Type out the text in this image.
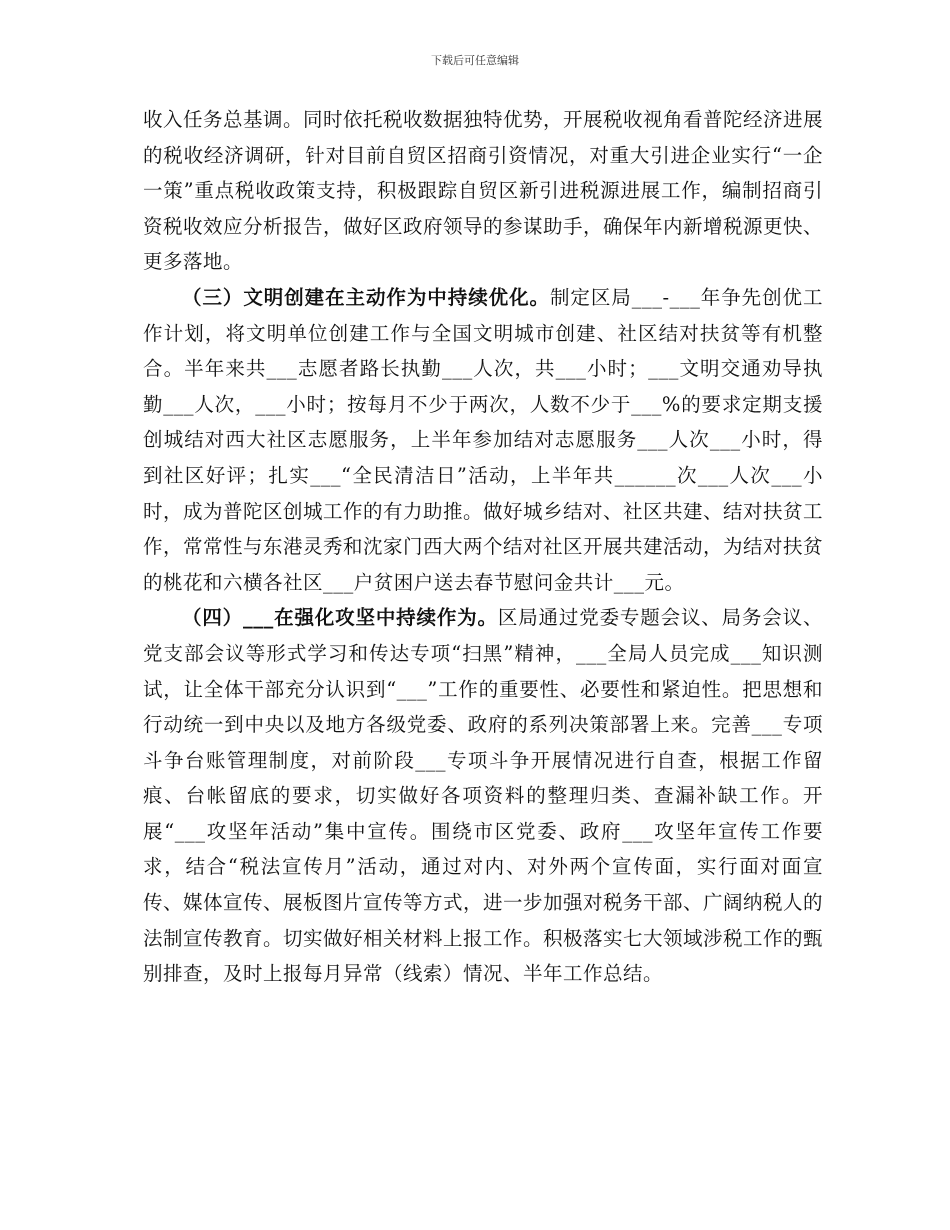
下载后可任意编辑

收入任务总基调。同时依托税收数据独特优势，开展税收视角看普陀经济进展的税收经济调研，针对目前自贸区招商引资情况，对重大引进企业实行“一企一策”重点税收政策支持，积极跟踪自贸区新引进税源进展工作，编制招商引资税收效应分析报告，做好区政府领导的参谋助手，确保年内新增税源更快、更多落地。

（三）文明创建在主动作为中持续优化。制定区局___-___年争先创优工作计划，将文明单位创建工作与全国文明城市创建、社区结对扶贫等有机整合。半年来共___志愿者路长执勤___人次，共___小时；___文明交通劝导执勤___人次，___小时；按每月不少于两次，人数不少于___%的要求定期支援创城结对西大社区志愿服务，上半年参加结对志愿服务___人次___小时，得到社区好评；扎实___“全民清洁日”活动，上半年共______次___人次___小时，成为普陀区创城工作的有力助推。做好城乡结对、社区共建、结对扶贫工作，常常性与东港灵秀和沈家门西大两个结对社区开展共建活动，为结对扶贫的桃花和六横各社区___户贫困户送去春节慰问金共计___元。

（四）___在强化攻坚中持续作为。区局通过党委专题会议、局务会议、党支部会议等形式学习和传达专项“扫黑”精神，___全局人员完成___知识测试，让全体干部充分认识到“___”工作的重要性、必要性和紧迫性。把思想和行动统一到中央以及地方各级党委、政府的系列决策部署上来。完善___专项斗争台账管理制度，对前阶段___专项斗争开展情况进行自查，根据工作留痕、台帐留底的要求，切实做好各项资料的整理归类、查漏补缺工作。开展“___攻坚年活动”集中宣传。围绕市区党委、政府___攻坚年宣传工作要求，结合“税法宣传月”活动，通过对内、对外两个宣传面，实行面对面宣传、媒体宣传、展板图片宣传等方式，进一步加强对税务干部、广阔纳税人的法制宣传教育。切实做好相关材料上报工作。积极落实七大领域涉税工作的甄别排查，及时上报每月异常（线索）情况、半年工作总结。
